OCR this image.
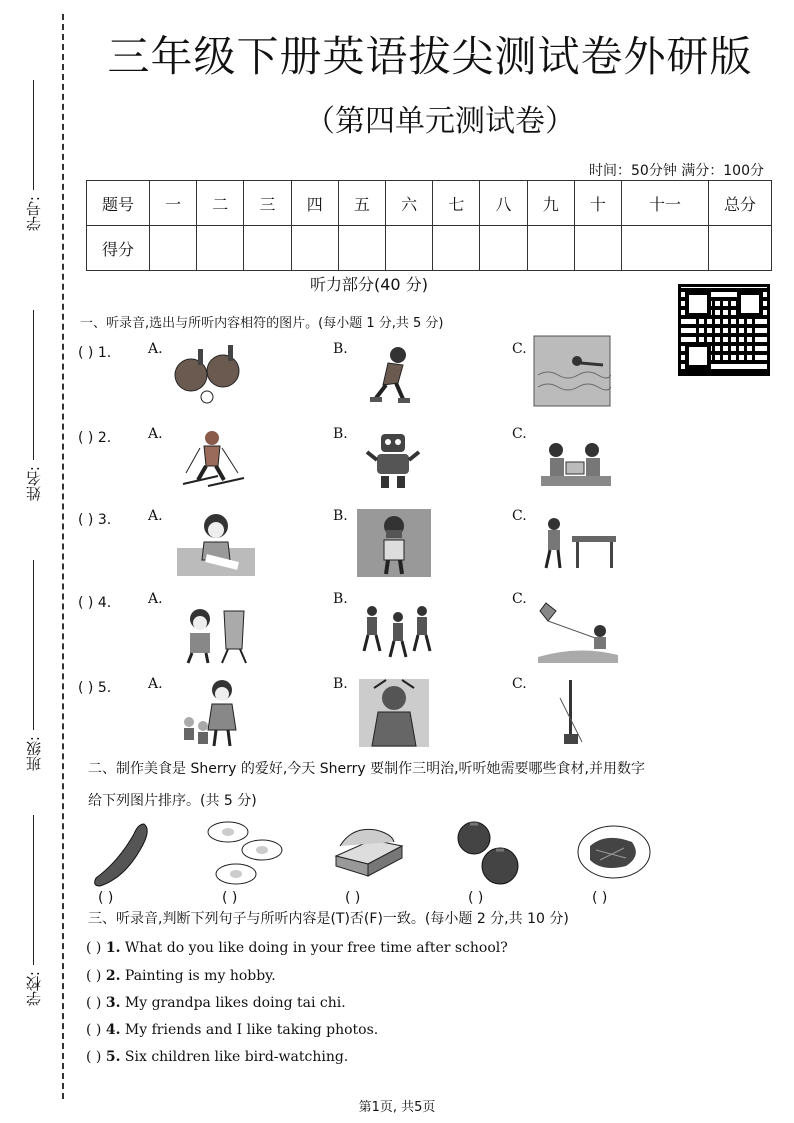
学号:
姓名:
班级:
学校:
三年级下册英语拔尖测试卷外研版
（第四单元测试卷）
时间：50分钟 满分：100分
题号	一	二	三	四	五	六	七	八	九	十	十一	总分
得分												
听力部分(40 分)
一、听录音,选出与所听内容相符的图片。(每小题 1 分,共 5 分)
( ) 1.	A.	B.	C.
( ) 2.	A.	B.	C.
( ) 3.	A.	B.	C.
( ) 4.	A.	B.	C.
( ) 5.	A.	B.	C.
二、制作美食是 Sherry 的爱好,今天 Sherry 要制作三明治,听听她需要哪些食材,并用数字
给下列图片排序。(共 5 分)
( )	( )	( )	( )	( )
三、听录音,判断下列句子与所听内容是(T)否(F)一致。(每小题 2 分,共 10 分)
( ) 1. What do you like doing in your free time after school?
( ) 2. Painting is my hobby.
( ) 3. My grandpa likes doing tai chi.
( ) 4. My friends and I like taking photos.
( ) 5. Six children like bird-watching.
第1页, 共5页
